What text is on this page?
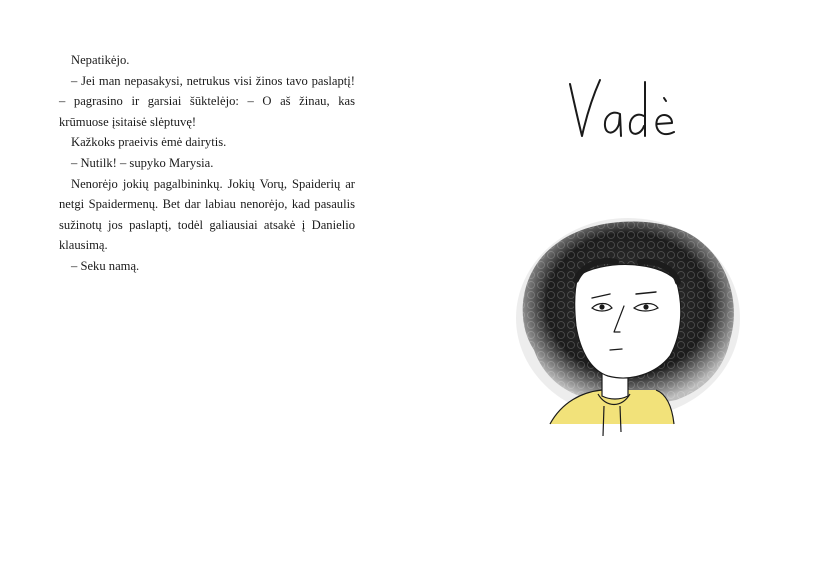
Nepatikėjo.

– Jei man nepasakysi, netrukus visi žinos tavo paslaptį! – pagrasino ir garsiai šūktelėjo: – O aš žinau, kas krūmuose įsitaisė slėptuvę!

Kažkoks praeivis ėmė dairytis.

– Nutilk! – supyko Marysia.

Nenorėjo jokių pagalbininkų. Jokių Vorų, Spaiderių ar netgi Spaidermenų. Bet dar labiau nenorėjo, kad pasaulis sužinotų jos paslaptį, todėl galiausiai atsakė į Danielio klausimą.

– Seku namą.
